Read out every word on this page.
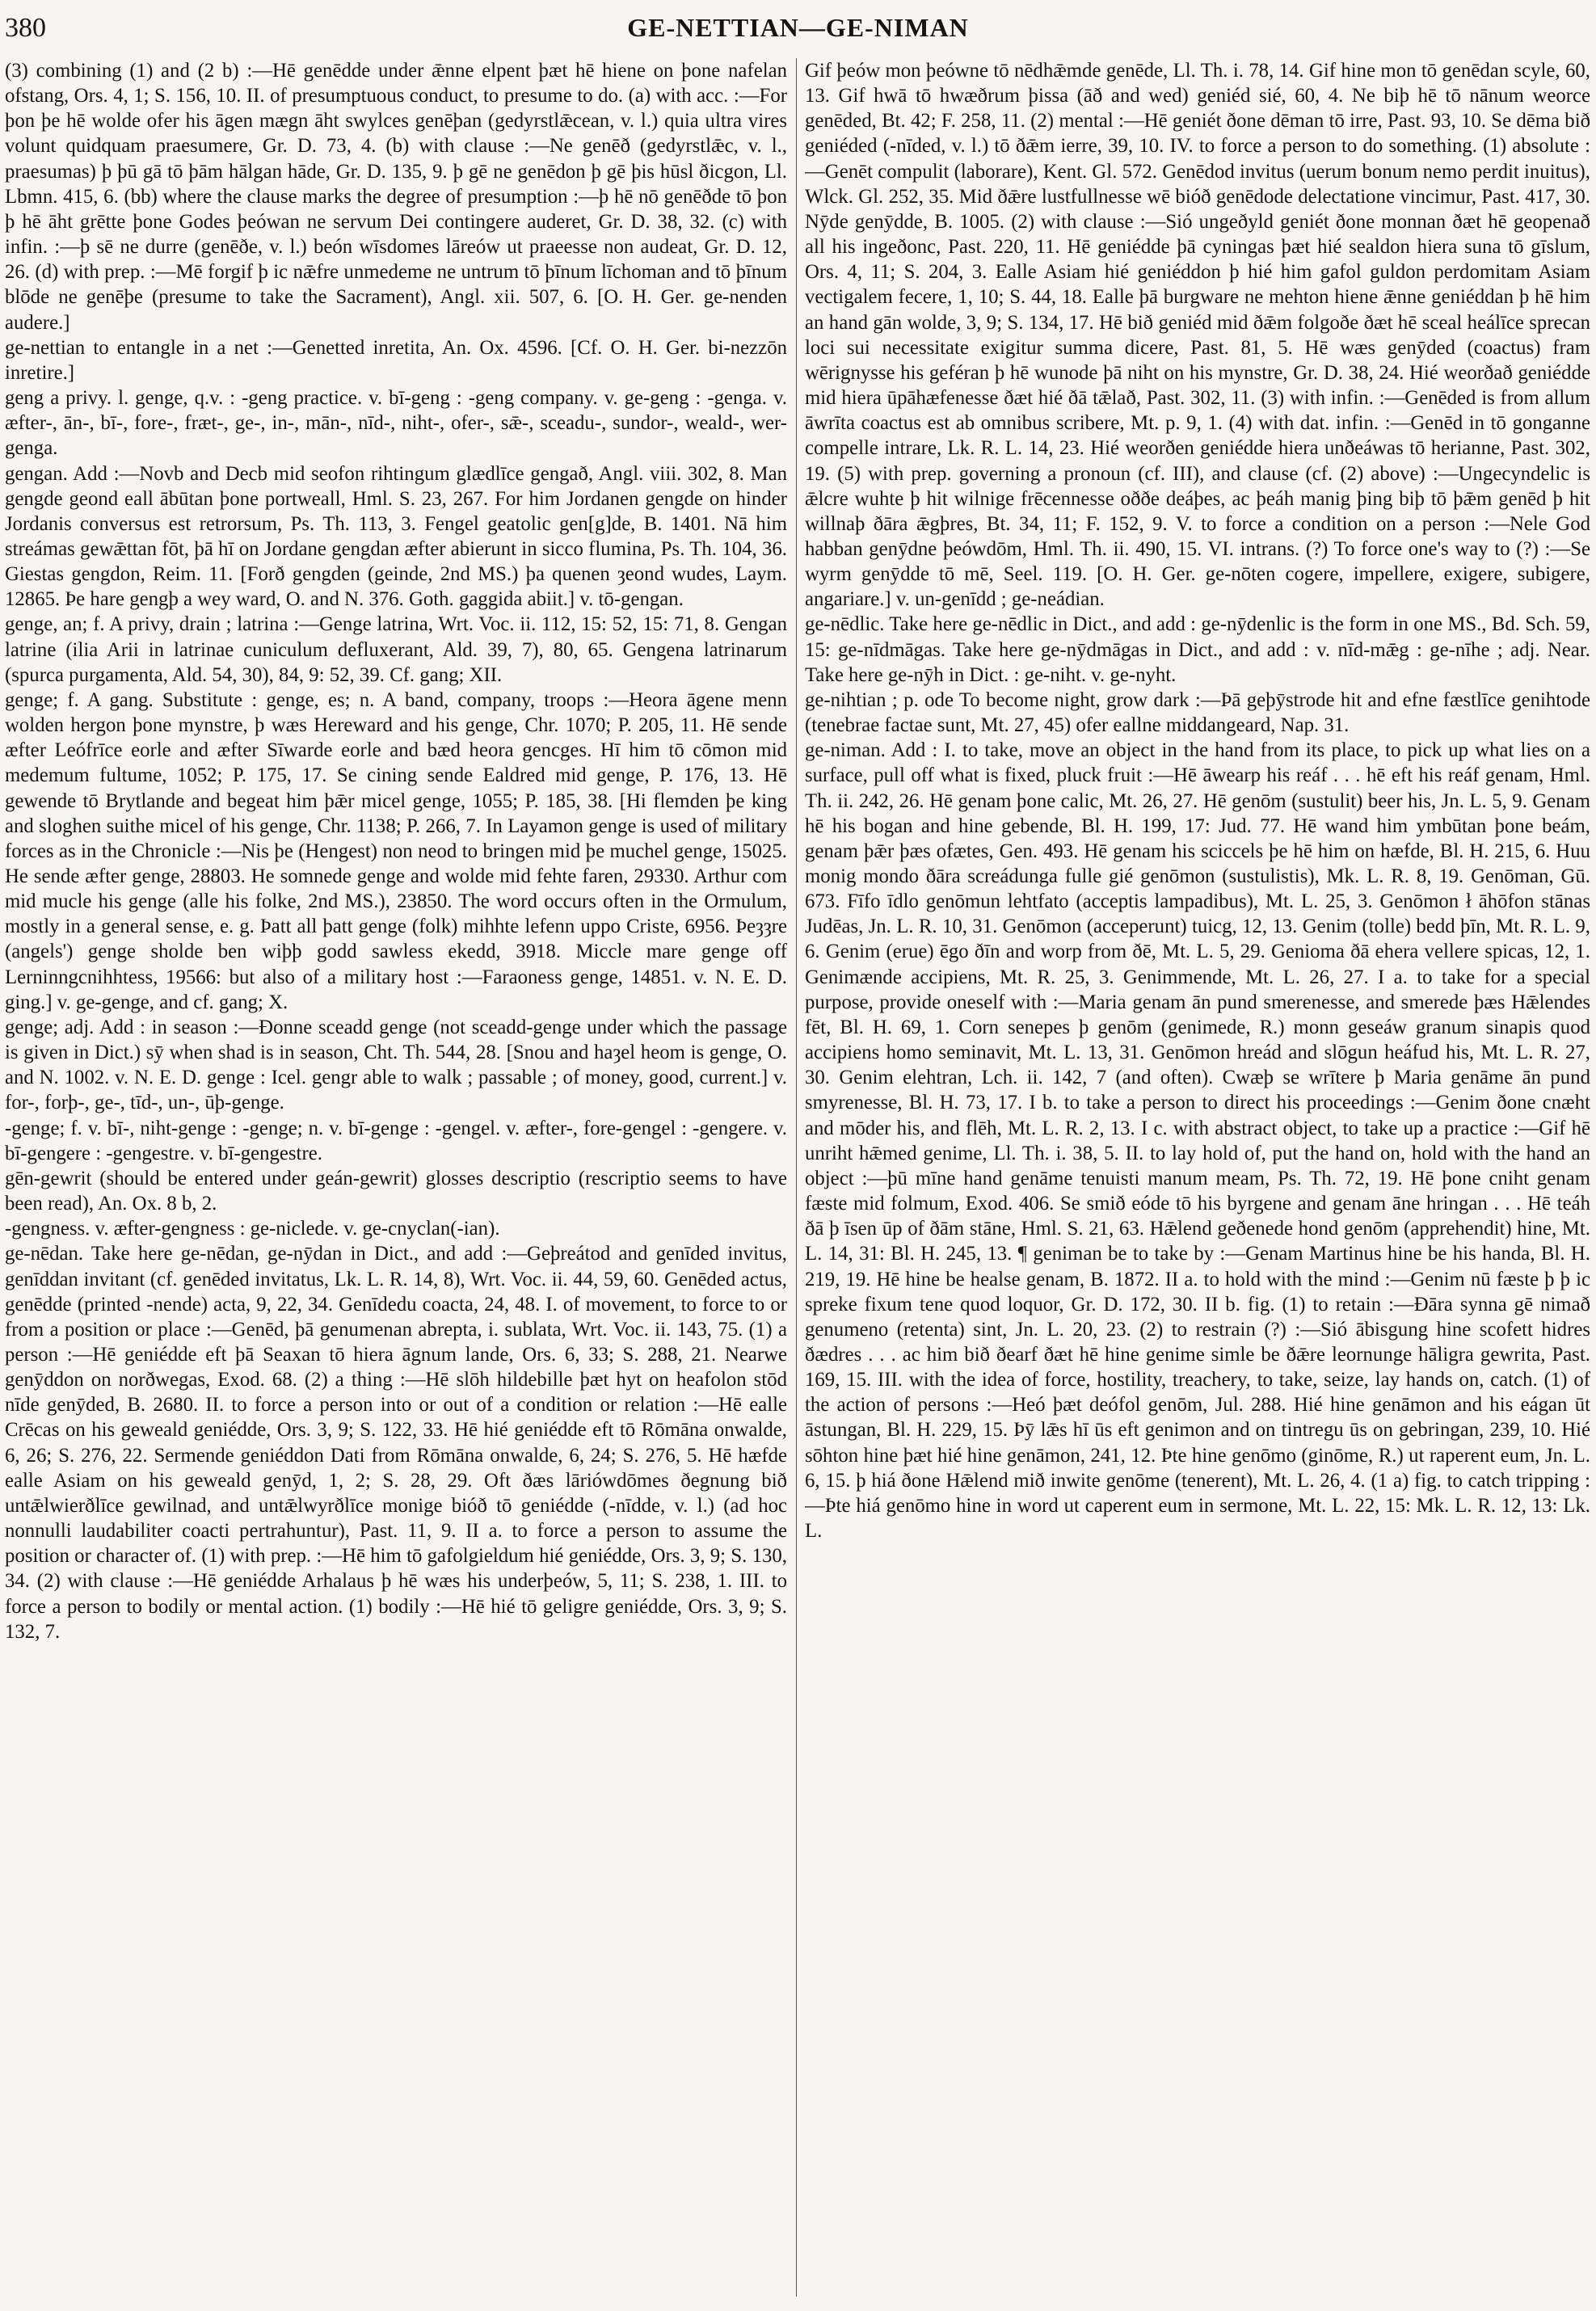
380	GE-NETTIAN—GE-NIMAN

(3) combining (1) and (2 b) :—Hē genēdde under ǣnne elpent þæt hē hiene on þone nafelan ofstang, Ors. 4, 1; S. 156, 10. II. of presumptuous conduct, to presume to do. (a) with acc. :—For þon þe hē wolde ofer his āgen mægn āht swylces genēþan (gedyrstlǣcean, v. l.) quia ultra vires volunt quidquam praesumere, Gr. D. 73, 4. (b) with clause :—Ne genēð (gedyrstlǣc, v. l., praesumas) þ þū gā tō þām hālgan hāde, Gr. D. 135, 9. þ gē ne genēdon þ gē þis hūsl ðicgon, Ll. Lbmn. 415, 6. (bb) where the clause marks the degree of presumption :—þ hē nō genēðde tō þon þ hē āht grētte þone Godes þeówan ne servum Dei contingere auderet, Gr. D. 38, 32. (c) with infin. :—þ sē ne durre (genēðe, v. l.) beón wīsdomes lāreów ut praeesse non audeat, Gr. D. 12, 26. (d) with prep. :—Mē forgif þ ic nǣfre unmedeme ne untrum tō þīnum līchoman and tō þīnum blōde ne genēþe (presume to take the Sacrament), Angl. xii. 507, 6. [O. H. Ger. ge-nenden audere.]

ge-nettian to entangle in a net :—Genetted inretita, An. Ox. 4596. [Cf. O. H. Ger. bi-nezzōn inretire.]

geng a privy. l. genge, q.v. : -geng practice. v. bī-geng : -geng company. v. ge-geng : -genga. v. æfter-, ān-, bī-, fore-, fræt-, ge-, in-, mān-, nīd-, niht-, ofer-, sǣ-, sceadu-, sundor-, weald-, wer-genga.

gengan. Add :—Novb and Decb mid seofon rihtingum glædlīce gengað, Angl. viii. 302, 8. Man gengde geond eall ābūtan þone portweall, Hml. S. 23, 267. For him Jordanen gengde on hinder Jordanis conversus est retrorsum, Ps. Th. 113, 3. Fengel geatolic gen[g]de, B. 1401. Nā him streámas gewǣttan fōt, þā hī on Jordane gengdan æfter abierunt in sicco flumina, Ps. Th. 104, 36. Giestas gengdon, Reim. 11. [Forð gengden (geinde, 2nd MS.) þa quenen ȝeond wudes, Laym. 12865. Þe hare gengþ a wey ward, O. and N. 376. Goth. gaggida abiit.] v. tō-gengan.

genge, an; f. A privy, drain ; latrina :—Genge latrina, Wrt. Voc. ii. 112, 15: 52, 15: 71, 8. Gengan latrine (ilia Arii in latrinae cuniculum defluxerant, Ald. 39, 7), 80, 65. Gengena latrinarum (spurca purgamenta, Ald. 54, 30), 84, 9: 52, 39. Cf. gang; XII.

genge; f. A gang. Substitute : genge, es; n. A band, company, troops :—Heora āgene menn wolden hergon þone mynstre, þ wæs Hereward and his genge, Chr. 1070; P. 205, 11. Hē sende æfter Leófrīce eorle and æfter Sīwarde eorle and bæd heora gencges. Hī him tō cōmon mid medemum fultume, 1052; P. 175, 17. Se cining sende Ealdred mid genge, P. 176, 13. Hē gewende tō Brytlande and begeat him þǣr micel genge, 1055; P. 185, 38. [Hi flemden þe king and sloghen suithe micel of his genge, Chr. 1138; P. 266, 7. In Layamon genge is used of military forces as in the Chronicle :—Nis þe (Hengest) non neod to bringen mid þe muchel genge, 15025. He sende æfter genge, 28803. He somnede genge and wolde mid fehte faren, 29330. Arthur com mid mucle his genge (alle his folke, 2nd MS.), 23850. The word occurs often in the Ormulum, mostly in a general sense, e. g. Þatt all þatt genge (folk) mihhte lefenn uppo Criste, 6956. Þeȝȝre (angels') genge sholde ben wiþþ godd sawless ekedd, 3918. Miccle mare genge off Lerninngcnihhtess, 19566: but also of a military host :—Faraoness genge, 14851. v. N. E. D. ging.] v. ge-genge, and cf. gang; X.

genge; adj. Add : in season :—Ðonne sceadd genge (not sceadd-genge under which the passage is given in Dict.) sȳ when shad is in season, Cht. Th. 544, 28. [Snou and haȝel heom is genge, O. and N. 1002. v. N. E. D. genge : Icel. gengr able to walk ; passable ; of money, good, current.] v. for-, forþ-, ge-, tīd-, un-, ūþ-genge.

-genge; f. v. bī-, niht-genge : -genge; n. v. bī-genge : -gengel. v. æfter-, fore-gengel : -gengere. v. bī-gengere : -gengestre. v. bī-gengestre.

gēn-gewrit (should be entered under geán-gewrit) glosses descriptio (rescriptio seems to have been read), An. Ox. 8 b, 2.

-gengness. v. æfter-gengness : ge-niclede. v. ge-cnyclan(-ian).

ge-nēdan. Take here ge-nēdan, ge-nȳdan in Dict., and add :—Geþreátod and genīded invitus, genīddan invitant (cf. genēded invitatus, Lk. L. R. 14, 8), Wrt. Voc. ii. 44, 59, 60. Genēded actus, genēdde (printed -nende) acta, 9, 22, 34. Genīdedu coacta, 24, 48. I. of movement, to force to or from a position or place :—Genēd, þā genumenan abrepta, i. sublata, Wrt. Voc. ii. 143, 75. (1) a person :—Hē geniédde eft þā Seaxan tō hiera āgnum lande, Ors. 6, 33; S. 288, 21. Nearwe genȳddon on norðwegas, Exod. 68. (2) a thing :—Hē slōh hildebille þæt hyt on heafolon stōd nīde genȳded, B. 2680. II. to force a person into or out of a condition or relation :—Hē ealle Crēcas on his geweald geniédde, Ors. 3, 9; S. 122, 33. Hē hié geniédde eft tō Rōmāna onwalde, 6, 26; S. 276, 22. Sermende geniéddon Dati from Rōmāna onwalde, 6, 24; S. 276, 5. Hē hæfde ealle Asiam on his geweald genȳd, 1, 2; S. 28, 29. Oft ðæs lāriówdōmes ðegnung bið untǣlwierðlīce gewilnad, and untǣlwyrðlīce monige bióð tō geniédde (-nīdde, v. l.) (ad hoc nonnulli laudabiliter coacti pertrahuntur), Past. 11, 9. II a. to force a person to assume the position or character of. (1) with prep. :—Hē him tō gafolgieldum hié geniédde, Ors. 3, 9; S. 130, 34. (2) with clause :—Hē geniédde Arhalaus þ hē wæs his underþeów, 5, 11; S. 238, 1. III. to force a person to bodily or mental action. (1) bodily :—Hē hié tō geligre geniédde, Ors. 3, 9; S. 132, 7.

Gif þeów mon þeówne tō nēdhǣmde genēde, Ll. Th. i. 78, 14. Gif hine mon tō genēdan scyle, 60, 13. Gif hwā tō hwæðrum þissa (āð and wed) geniéd sié, 60, 4. Ne biþ hē tō nānum weorce genēded, Bt. 42; F. 258, 11. (2) mental :—Hē geniét ðone dēman tō irre, Past. 93, 10. Se dēma bið geniéded (-nīded, v. l.) tō ðǣm ierre, 39, 10. IV. to force a person to do something. (1) absolute :—Genēt compulit (laborare), Kent. Gl. 572. Genēdod invitus (uerum bonum nemo perdit inuitus), Wlck. Gl. 252, 35. Mid ðǣre lustfullnesse wē bióð genēdode delectatione vincimur, Past. 417, 30. Nȳde genȳdde, B. 1005. (2) with clause :—Sió ungeðyld geniét ðone monnan ðæt hē geopenað all his ingeðonc, Past. 220, 11. Hē geniédde þā cyningas þæt hié sealdon hiera suna tō gīslum, Ors. 4, 11; S. 204, 3. Ealle Asiam hié geniéddon þ hié him gafol guldon perdomitam Asiam vectigalem fecere, 1, 10; S. 44, 18. Ealle þā burgware ne mehton hiene ǣnne geniéddan þ hē him an hand gān wolde, 3, 9; S. 134, 17. Hē bið geniéd mid ðǣm folgoðe ðæt hē sceal heálīce sprecan loci sui necessitate exigitur summa dicere, Past. 81, 5. Hē wæs genȳded (coactus) fram wērignysse his geféran þ hē wunode þā niht on his mynstre, Gr. D. 38, 24. Hié weorðað geniédde mid hiera ūpāhæfenesse ðæt hié ðā tǣlað, Past. 302, 11. (3) with infin. :—Genēded is from allum āwrīta coactus est ab omnibus scribere, Mt. p. 9, 1. (4) with dat. infin. :—Genēd in tō gonganne compelle intrare, Lk. R. L. 14, 23. Hié weorðen geniédde hiera unðeáwas tō herianne, Past. 302, 19. (5) with prep. governing a pronoun (cf. III), and clause (cf. (2) above) :—Ungecyndelic is ǣlcre wuhte þ hit wilnige frēcennesse oððe deáþes, ac þeáh manig þing biþ tō þǣm genēd þ hit willnaþ ðāra ǣgþres, Bt. 34, 11; F. 152, 9. V. to force a condition on a person :—Nele God habban genȳdne þeówdōm, Hml. Th. ii. 490, 15. VI. intrans. (?) To force one's way to (?) :—Se wyrm genȳdde tō mē, Seel. 119. [O. H. Ger. ge-nōten cogere, impellere, exigere, subigere, angariare.] v. un-genīdd ; ge-neádian.

ge-nēdlic. Take here ge-nēdlic in Dict., and add : ge-nȳdenlic is the form in one MS., Bd. Sch. 59, 15: ge-nīdmāgas. Take here ge-nȳdmāgas in Dict., and add : v. nīd-mǣg : ge-nīhe ; adj. Near. Take here ge-nȳh in Dict. : ge-niht. v. ge-nyht.

ge-nihtian ; p. ode To become night, grow dark :—Þā geþȳstrode hit and efne fæstlīce genihtode (tenebrae factae sunt, Mt. 27, 45) ofer eallne middangeard, Nap. 31.

ge-niman. Add : I. to take, move an object in the hand from its place, to pick up what lies on a surface, pull off what is fixed, pluck fruit :—Hē āwearp his reáf . . . hē eft his reáf genam, Hml. Th. ii. 242, 26. Hē genam þone calic, Mt. 26, 27. Hē genōm (sustulit) beer his, Jn. L. 5, 9. Genam hē his bogan and hine gebende, Bl. H. 199, 17: Jud. 77. Hē wand him ymbūtan þone beám, genam þǣr þæs ofætes, Gen. 493. Hē genam his sciccels þe hē him on hæfde, Bl. H. 215, 6. Huu monig mondo ðāra screádunga fulle gié genōmon (sustulistis), Mk. L. R. 8, 19. Genōman, Gū. 673. Fīfo īdlo genōmun lehtfato (acceptis lampadibus), Mt. L. 25, 3. Genōmon ł āhōfon stānas Judēas, Jn. L. R. 10, 31. Genōmon (acceperunt) tuicg, 12, 13. Genim (tolle) bedd þīn, Mt. R. L. 9, 6. Genim (erue) ēgo ðīn and worp from ðē, Mt. L. 5, 29. Genioma ðā ehera vellere spicas, 12, 1. Genimænde accipiens, Mt. R. 25, 3. Genimmende, Mt. L. 26, 27. I a. to take for a special purpose, provide oneself with :—Maria genam ān pund smerenesse, and smerede þæs Hǣlendes fēt, Bl. H. 69, 1. Corn senepes þ genōm (genimede, R.) monn geseáw granum sinapis quod accipiens homo seminavit, Mt. L. 13, 31. Genōmon hreád and slōgun heáfud his, Mt. L. R. 27, 30. Genim elehtran, Lch. ii. 142, 7 (and often). Cwæþ se wrītere þ Maria genāme ān pund smyrenesse, Bl. H. 73, 17. I b. to take a person to direct his proceedings :—Genim ðone cnæht and mōder his, and flēh, Mt. L. R. 2, 13. I c. with abstract object, to take up a practice :—Gif hē unriht hǣmed genime, Ll. Th. i. 38, 5. II. to lay hold of, put the hand on, hold with the hand an object :—þū mīne hand genāme tenuisti manum meam, Ps. Th. 72, 19. Hē þone cniht genam fæste mid folmum, Exod. 406. Se smið eóde tō his byrgene and genam āne hringan . . . Hē teáh ðā þ īsen ūp of ðām stāne, Hml. S. 21, 63. Hǣlend geðenede hond genōm (apprehendit) hine, Mt. L. 14, 31: Bl. H. 245, 13. ¶ geniman be to take by :—Genam Martinus hine be his handa, Bl. H. 219, 19. Hē hine be healse genam, B. 1872. II a. to hold with the mind :—Genim nū fæste þ þ ic spreke fixum tene quod loquor, Gr. D. 172, 30. II b. fig. (1) to retain :—Ðāra synna gē nimað genumeno (retenta) sint, Jn. L. 20, 23. (2) to restrain (?) :—Sió ābisgung hine scofett hidres ðædres . . . ac him bið ðearf ðæt hē hine genime simle be ðǣre leornunge hāligra gewrita, Past. 169, 15. III. with the idea of force, hostility, treachery, to take, seize, lay hands on, catch. (1) of the action of persons :—Heó þæt deófol genōm, Jul. 288. Hié hine genāmon and his eágan ūt āstungan, Bl. H. 229, 15. Þȳ lǣs hī ūs eft genimon and on tintregu ūs on gebringan, 239, 10. Hié sōhton hine þæt hié hine genāmon, 241, 12. Þte hine genōmo (ginōme, R.) ut raperent eum, Jn. L. 6, 15. þ hiá ðone Hǣlend mið inwite genōme (tenerent), Mt. L. 26, 4. (1 a) fig. to catch tripping :—Þte hiá genōmo hine in word ut caperent eum in sermone, Mt. L. 22, 15: Mk. L. R. 12, 13: Lk. L.
